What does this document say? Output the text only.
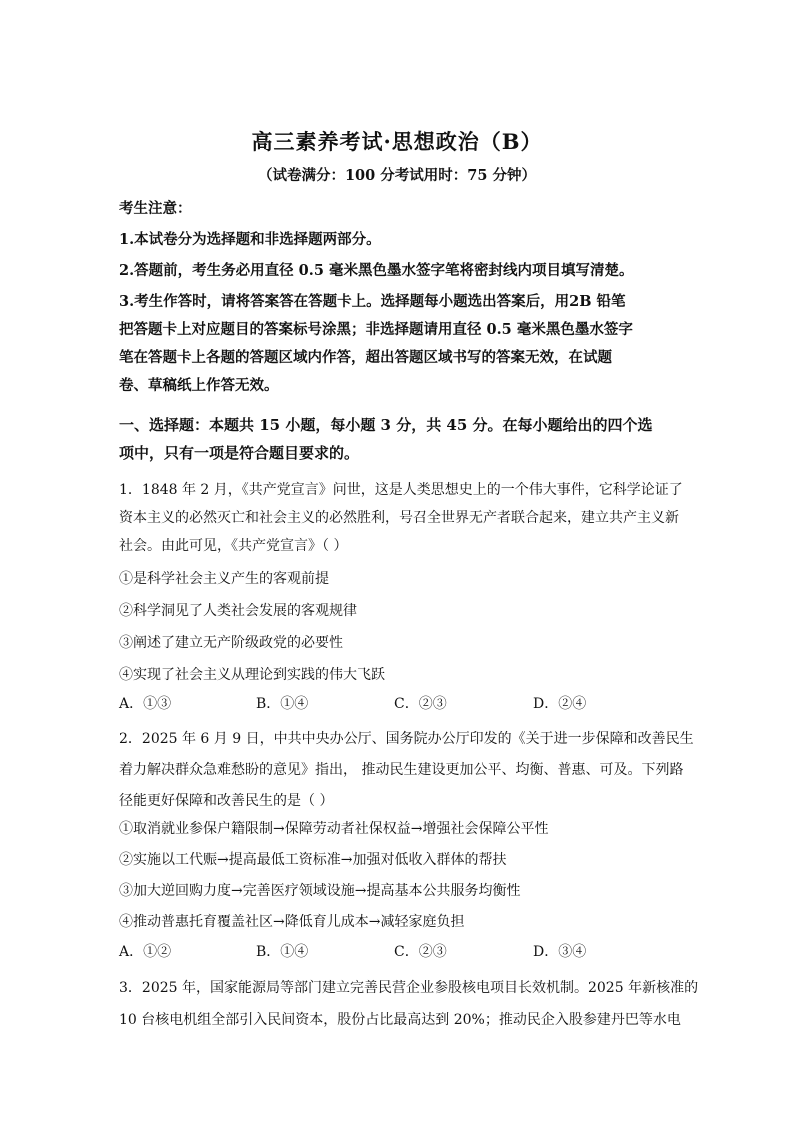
高三素养考试·思想政治（B）
（试卷满分：100 分考试用时：75 分钟）
考生注意：
1.本试卷分为选择题和非选择题两部分。
2.答题前，考生务必用直径 0.5 毫米黑色墨水签字笔将密封线内项目填写清楚。
3.考生作答时，请将答案答在答题卡上。选择题每小题选出答案后，用2B 铅笔
把答题卡上对应题目的答案标号涂黑；非选择题请用直径 0.5 毫米黑色墨水签字
笔在答题卡上各题的答题区域内作答，超出答题区域书写的答案无效，在试题
卷、草稿纸上作答无效。
一、选择题：本题共 15 小题，每小题 3 分，共 45 分。在每小题给出的四个选
项中，只有一项是符合题目要求的。
1．1848 年 2 月，《共产党宣言》问世，这是人类思想史上的一个伟大事件，它科学论证了
资本主义的必然灭亡和社会主义的必然胜利，号召全世界无产者联合起来，建立共产主义新
社会。由此可见，《共产党宣言》（ ）
①是科学社会主义产生的客观前提
②科学洞见了人类社会发展的客观规律
③阐述了建立无产阶级政党的必要性
④实现了社会主义从理论到实践的伟大飞跃
A．①③	B．①④	C．②③	D．②④
2．2025 年 6 月 9 日，中共中央办公厅、国务院办公厅印发的《关于进一步保障和改善民生
着力解决群众急难愁盼的意见》指出， 推动民生建设更加公平、均衡、普惠、可及。下列路
径能更好保障和改善民生的是（ ）
①取消就业参保户籍限制→保障劳动者社保权益→增强社会保障公平性
②实施以工代赈→提高最低工资标准→加强对低收入群体的帮扶
③加大逆回购力度→完善医疗领域设施→提高基本公共服务均衡性
④推动普惠托育覆盖社区→降低育儿成本→减轻家庭负担
A．①②	B．①④	C．②③	D．③④
3．2025 年，国家能源局等部门建立完善民营企业参股核电项目长效机制。2025 年新核准的
10 台核电机组全部引入民间资本，股份占比最高达到 20%；推动民企入股参建丹巴等水电
